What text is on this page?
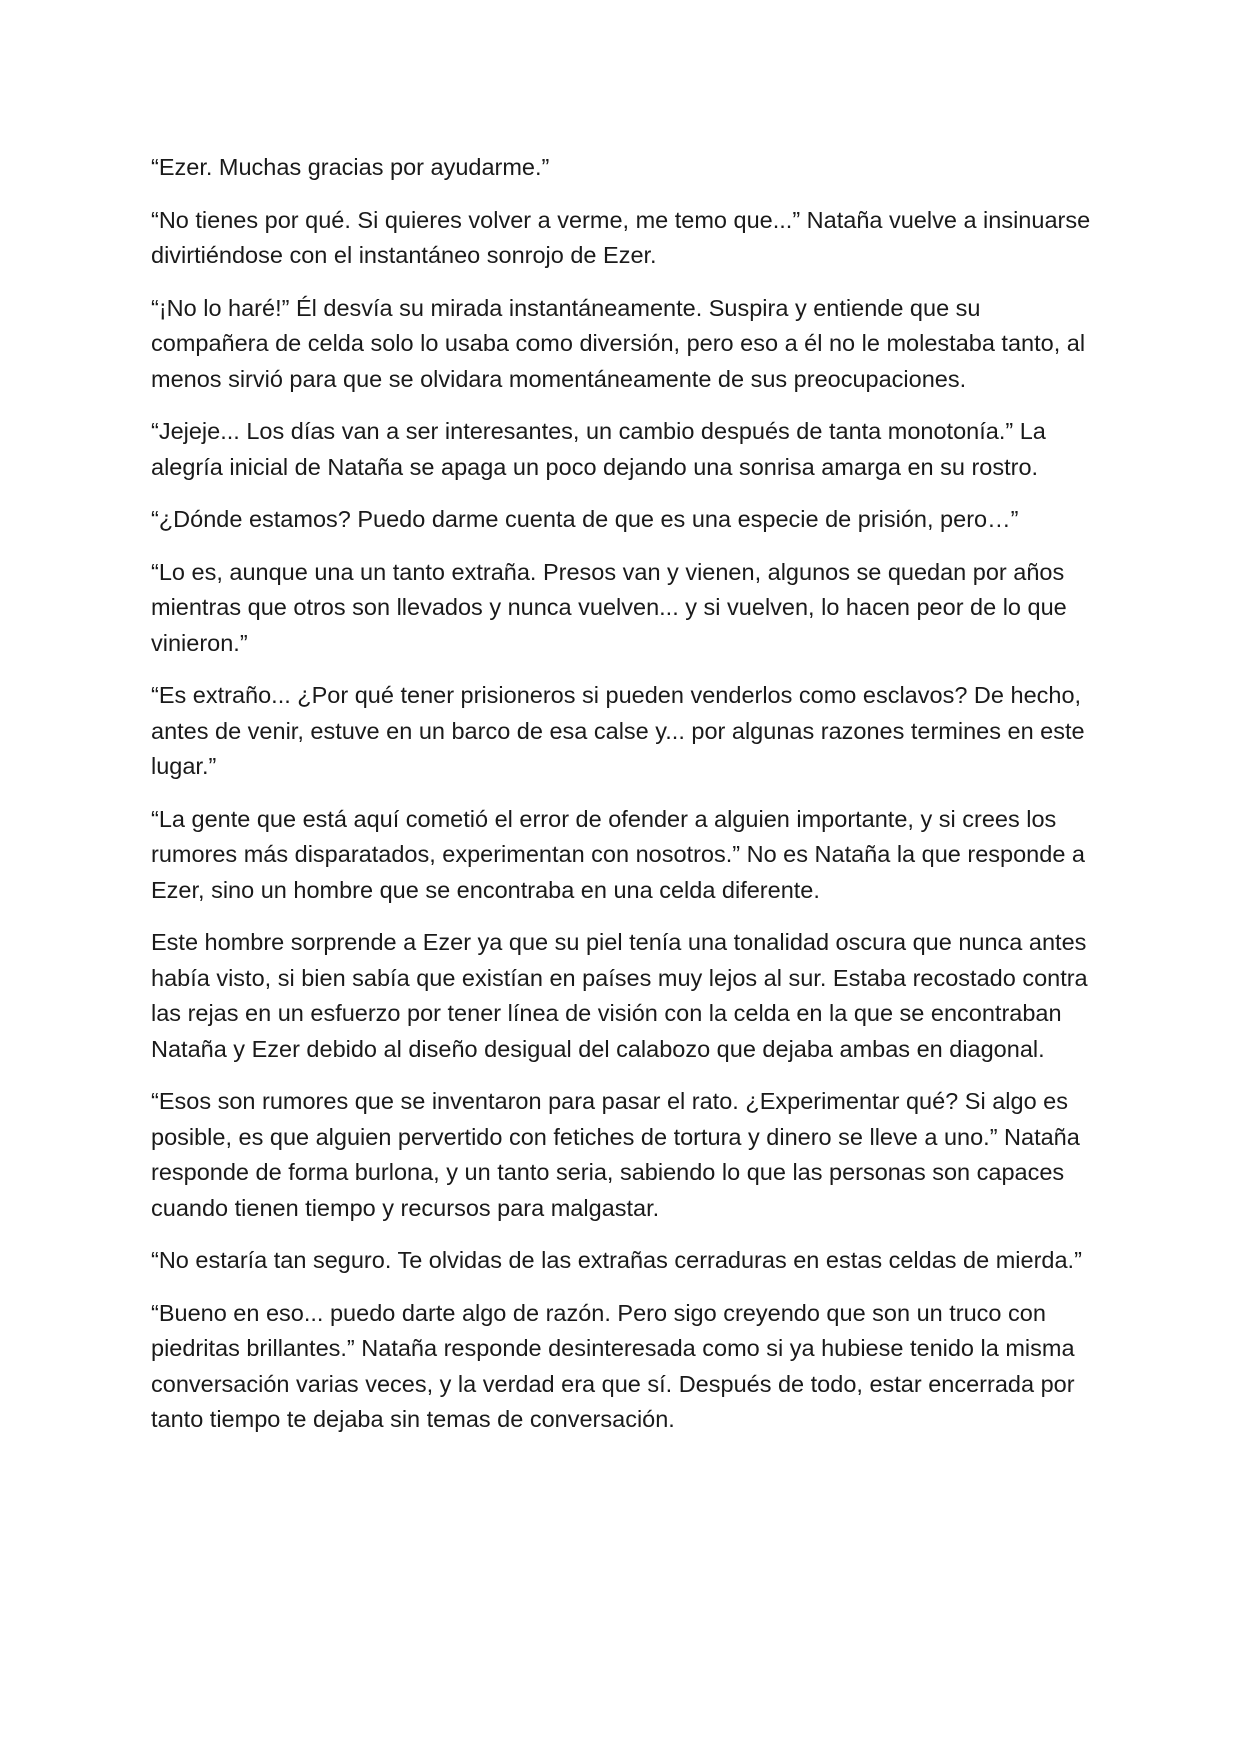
“Ezer. Muchas gracias por ayudarme.”

“No tienes por qué. Si quieres volver a verme, me temo que...” Nataña vuelve a insinuarse divirtiéndose con el instantáneo sonrojo de Ezer.

“¡No lo haré!” Él desvía su mirada instantáneamente. Suspira y entiende que su compañera de celda solo lo usaba como diversión, pero eso a él no le molestaba tanto, al menos sirvió para que se olvidara momentáneamente de sus preocupaciones.

“Jejeje... Los días van a ser interesantes, un cambio después de tanta monotonía.” La alegría inicial de Nataña se apaga un poco dejando una sonrisa amarga en su rostro.

“¿Dónde estamos? Puedo darme cuenta de que es una especie de prisión, pero…”

“Lo es, aunque una un tanto extraña. Presos van y vienen, algunos se quedan por años mientras que otros son llevados y nunca vuelven... y si vuelven, lo hacen peor de lo que vinieron.”

“Es extraño... ¿Por qué tener prisioneros si pueden venderlos como esclavos? De hecho, antes de venir, estuve en un barco de esa calse y... por algunas razones termines en este lugar.”

“La gente que está aquí cometió el error de ofender a alguien importante, y si crees los rumores más disparatados, experimentan con nosotros.” No es Nataña la que responde a Ezer, sino un hombre que se encontraba en una celda diferente.

Este hombre sorprende a Ezer ya que su piel tenía una tonalidad oscura que nunca antes había visto, si bien sabía que existían en países muy lejos al sur. Estaba recostado contra las rejas en un esfuerzo por tener línea de visión con la celda en la que se encontraban Nataña y Ezer debido al diseño desigual del calabozo que dejaba ambas en diagonal.

“Esos son rumores que se inventaron para pasar el rato. ¿Experimentar qué? Si algo es posible, es que alguien pervertido con fetiches de tortura y dinero se lleve a uno.” Nataña responde de forma burlona, y un tanto seria, sabiendo lo que las personas son capaces cuando tienen tiempo y recursos para malgastar.

“No estaría tan seguro. Te olvidas de las extrañas cerraduras en estas celdas de mierda.”

“Bueno en eso... puedo darte algo de razón. Pero sigo creyendo que son un truco con piedritas brillantes.” Nataña responde desinteresada como si ya hubiese tenido la misma conversación varias veces, y la verdad era que sí. Después de todo, estar encerrada por tanto tiempo te dejaba sin temas de conversación.
